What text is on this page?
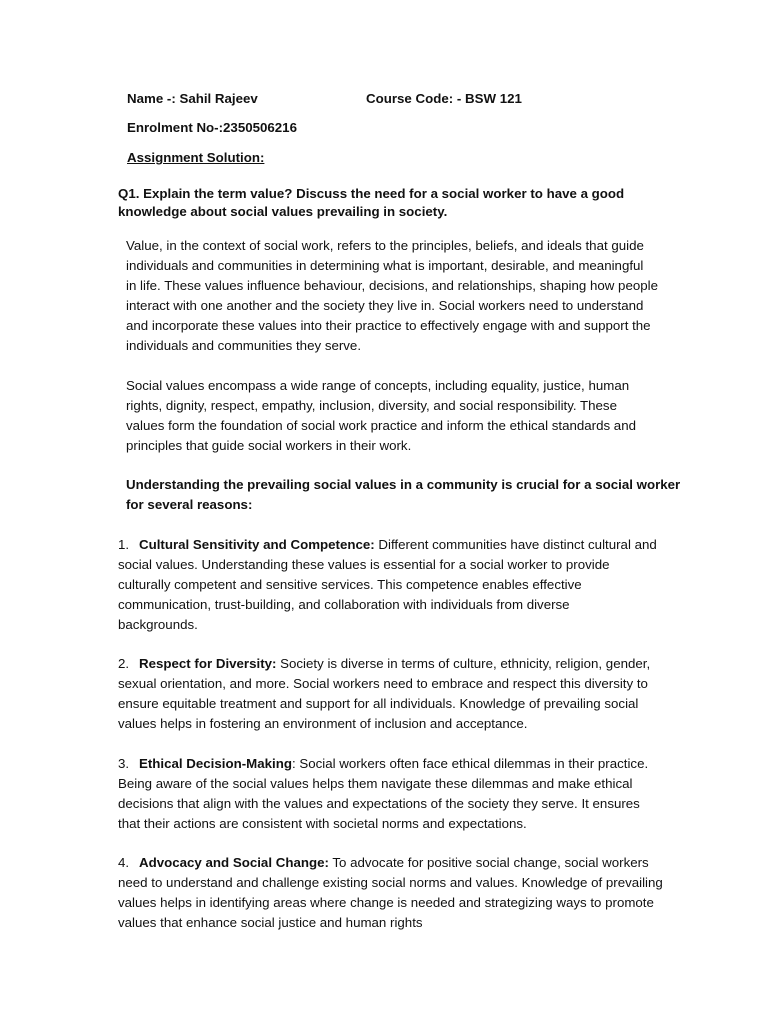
Name -: Sahil Rajeev	Course Code: - BSW 121
Enrolment No-:2350506216
Assignment Solution:
Q1. Explain the term value? Discuss the need for a social worker to have a good
knowledge about social values prevailing in society.
Value, in the context of social work, refers to the principles, beliefs, and ideals that guide
individuals and communities in determining what is important, desirable, and meaningful
in life. These values influence behaviour, decisions, and relationships, shaping how people
interact with one another and the society they live in. Social workers need to understand
and incorporate these values into their practice to effectively engage with and support the
individuals and communities they serve.
Social values encompass a wide range of concepts, including equality, justice, human
rights, dignity, respect, empathy, inclusion, diversity, and social responsibility. These
values form the foundation of social work practice and inform the ethical standards and
principles that guide social workers in their work.
Understanding the prevailing social values in a community is crucial for a social worker
for several reasons:
1. Cultural Sensitivity and Competence: Different communities have distinct cultural and
social values. Understanding these values is essential for a social worker to provide
culturally competent and sensitive services. This competence enables effective
communication, trust-building, and collaboration with individuals from diverse
backgrounds.
2. Respect for Diversity: Society is diverse in terms of culture, ethnicity, religion, gender,
sexual orientation, and more. Social workers need to embrace and respect this diversity to
ensure equitable treatment and support for all individuals. Knowledge of prevailing social
values helps in fostering an environment of inclusion and acceptance.
3. Ethical Decision-Making: Social workers often face ethical dilemmas in their practice.
Being aware of the social values helps them navigate these dilemmas and make ethical
decisions that align with the values and expectations of the society they serve. It ensures
that their actions are consistent with societal norms and expectations.
4. Advocacy and Social Change: To advocate for positive social change, social workers
need to understand and challenge existing social norms and values. Knowledge of prevailing
values helps in identifying areas where change is needed and strategizing ways to promote
values that enhance social justice and human rights
